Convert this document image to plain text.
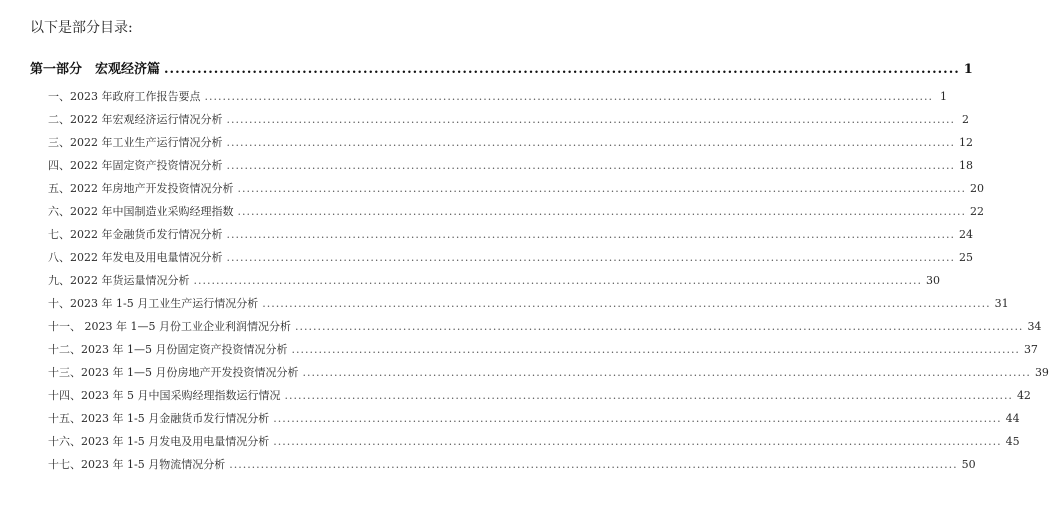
以下是部分目录:
第一部分　宏观经济篇 ................................................................................................................................................ 1
一、2023 年政府工作报告要点 .................................................................................................................................................................. 1
二、2022 年宏观经济运行情况分析 .................................................................................................................................................................. 2
三、2022 年工业生产运行情况分析 .................................................................................................................................................................. 12
四、2022 年固定资产投资情况分析 .................................................................................................................................................................. 18
五、2022 年房地产开发投资情况分析 .................................................................................................................................................................. 20
六、2022 年中国制造业采购经理指数 .................................................................................................................................................................. 22
七、2022 年金融货币发行情况分析 .................................................................................................................................................................. 24
八、2022 年发电及用电量情况分析 .................................................................................................................................................................. 25
九、2022 年货运量情况分析 .................................................................................................................................................................. 30
十、2023 年 1-5 月工业生产运行情况分析 .................................................................................................................................................................. 31
十一、 2023 年 1—5 月份工业企业利润情况分析 .................................................................................................................................................................. 34
十二、2023 年 1—5 月份固定资产投资情况分析 .................................................................................................................................................................. 37
十三、2023 年 1—5 月份房地产开发投资情况分析 .................................................................................................................................................................. 39
十四、2023 年 5 月中国采购经理指数运行情况 .................................................................................................................................................................. 42
十五、2023 年 1-5 月金融货币发行情况分析 .................................................................................................................................................................. 44
十六、2023 年 1-5 月发电及用电量情况分析 .................................................................................................................................................................. 45
十七、2023 年 1-5 月物流情况分析 .................................................................................................................................................................. 50
